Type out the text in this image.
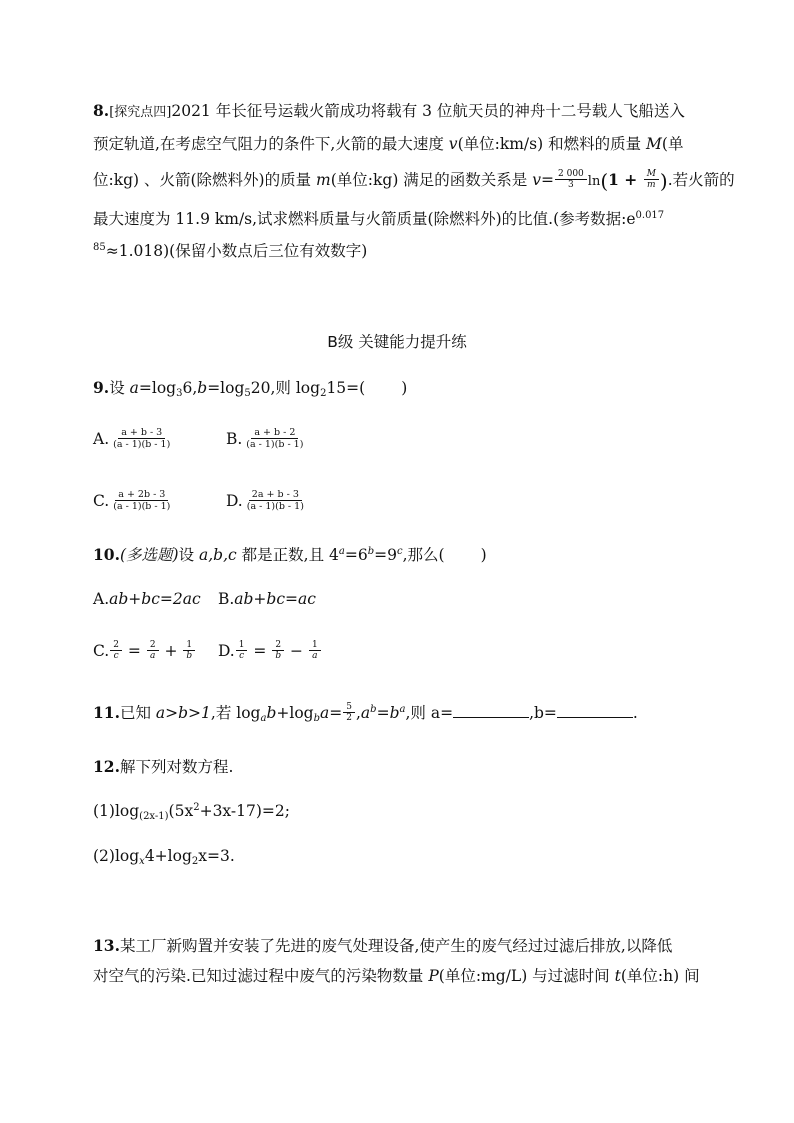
8.[探究点四]2021 年长征号运载火箭成功将载有 3 位航天员的神舟十二号载人飞船送入
预定轨道,在考虑空气阻力的条件下,火箭的最大速度 v(单位:km/s) 和燃料的质量 M(单
位:kg) 、火箭(除燃料外)的质量 m(单位:kg) 满足的函数关系是 $v= \frac{2 000}{3} \ln(1 + \frac{M}{m}$ ).若火箭的
最大速度为 11.9 km/s,试求燃料质量与火箭质量(除燃料外)的比值.(参考数据$:e^{0.017}$
$^{85}$≈1.018)(保留小数点后三位有效数字)
B级 关键能力提升练
9.设 $a=\log_36,b=\log_520$,则 $\log_215=$( )
A. $\frac{a + b - 3}{(a - 1)(b - 1)}$	B. $\frac{a + b - 2}{(a - 1)(b - 1)}$
C. $\frac{a + 2b - 3}{(a - 1)(b - 1)}$	D. $\frac{2a + b - 3}{(a - 1)(b - 1)}$
10.(多选题)设 a,b,c 都是正数,且 $4^a=6^b=9^c$,那么( )
A.ab+bc=2ac B.ab+bc=ac
C. $\frac{2}{c} = \frac{2}{a} + \frac{1}{b} D$. $\frac{1}{c} = \frac{2}{b} - \frac{1}{a}$
11.已知 a>b>1,若 $\log_ab+\log_ba= \frac{5}{2} ,a^b=b^a$,则 a=	,b=	.
12.解下列对数方程.
$(1)\log_{(2x-1)}(5x^2+3x-17)=2$;
$(2)\log_x4+\log_2x=3$.
13.某工厂新购置并安装了先进的废气处理设备,使产生的废气经过过滤后排放,以降低
对空气的污染.已知过滤过程中废气的污染物数量 P(单位:mg/L) 与过滤时间 t(单位:h) 间
